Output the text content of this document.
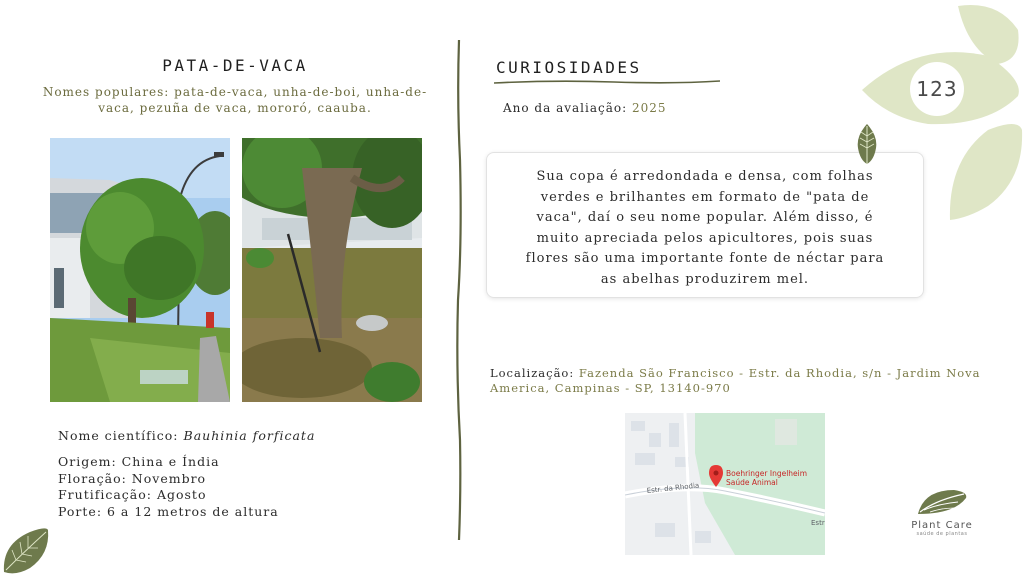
PATA-DE-VACA
Nomes populares: pata-de-vaca, unha-de-boi, unha-de-vaca, pezuña de vaca, mororó, caauba.
Nome científico: Bauhinia forficata
Origem: China e Índia
Floração: Novembro
Frutificação: Agosto
Porte: 6 a 12 metros de altura
CURIOSIDADES
Ano da avaliação: 2025
Sua copa é arredondada e densa, com folhas verdes e brilhantes em formato de "pata de vaca", daí o seu nome popular. Além disso, é muito apreciada pelos apicultores, pois suas flores são uma importante fonte de néctar para as abelhas produzirem mel.
Localização: Fazenda São Francisco - Estr. da Rhodia, s/n - Jardim Nova America, Campinas - SP, 13140-970
Boehringer Ingelheim
Saúde Animal
Estr. da Rhodia
Estr
123
Plant Care
saúde de plantas
